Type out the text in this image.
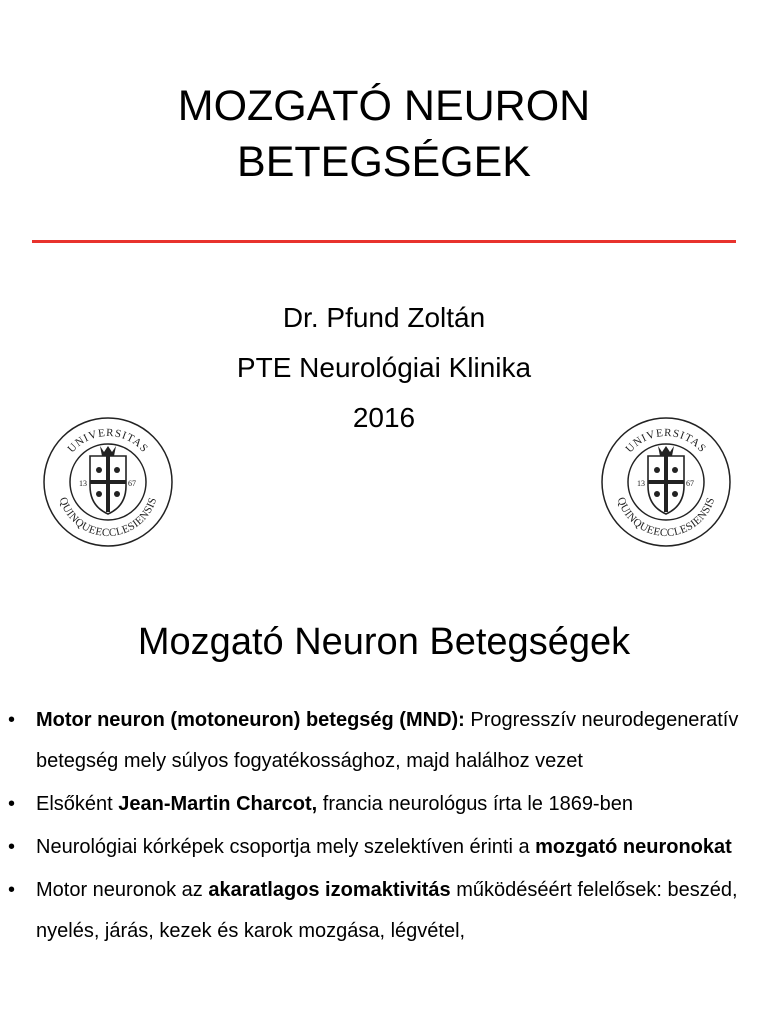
MOZGATÓ NEURON
BETEGSÉGEK
Dr. Pfund Zoltán
PTE Neurológiai Klinika
2016
UNIVERSITAS
QUINQUEECCLESIENSIS
13	67
UNIVERSITAS
QUINQUEECCLESIENSIS
13	67
Mozgató Neuron Betegségek
• Motor neuron (motoneuron) betegség (MND): Progresszív neurodegeneratív betegség mely súlyos fogyatékossághoz, majd halálhoz vezet
• Elsőként Jean-Martin Charcot, francia neurológus írta le 1869-ben
• Neurológiai kórképek csoportja mely szelektíven érinti a mozgató neuronokat
• Motor neuronok az akaratlagos izomaktivitás működéséért felelősek: beszéd, nyelés, járás, kezek és karok mozgása, légvétel,
